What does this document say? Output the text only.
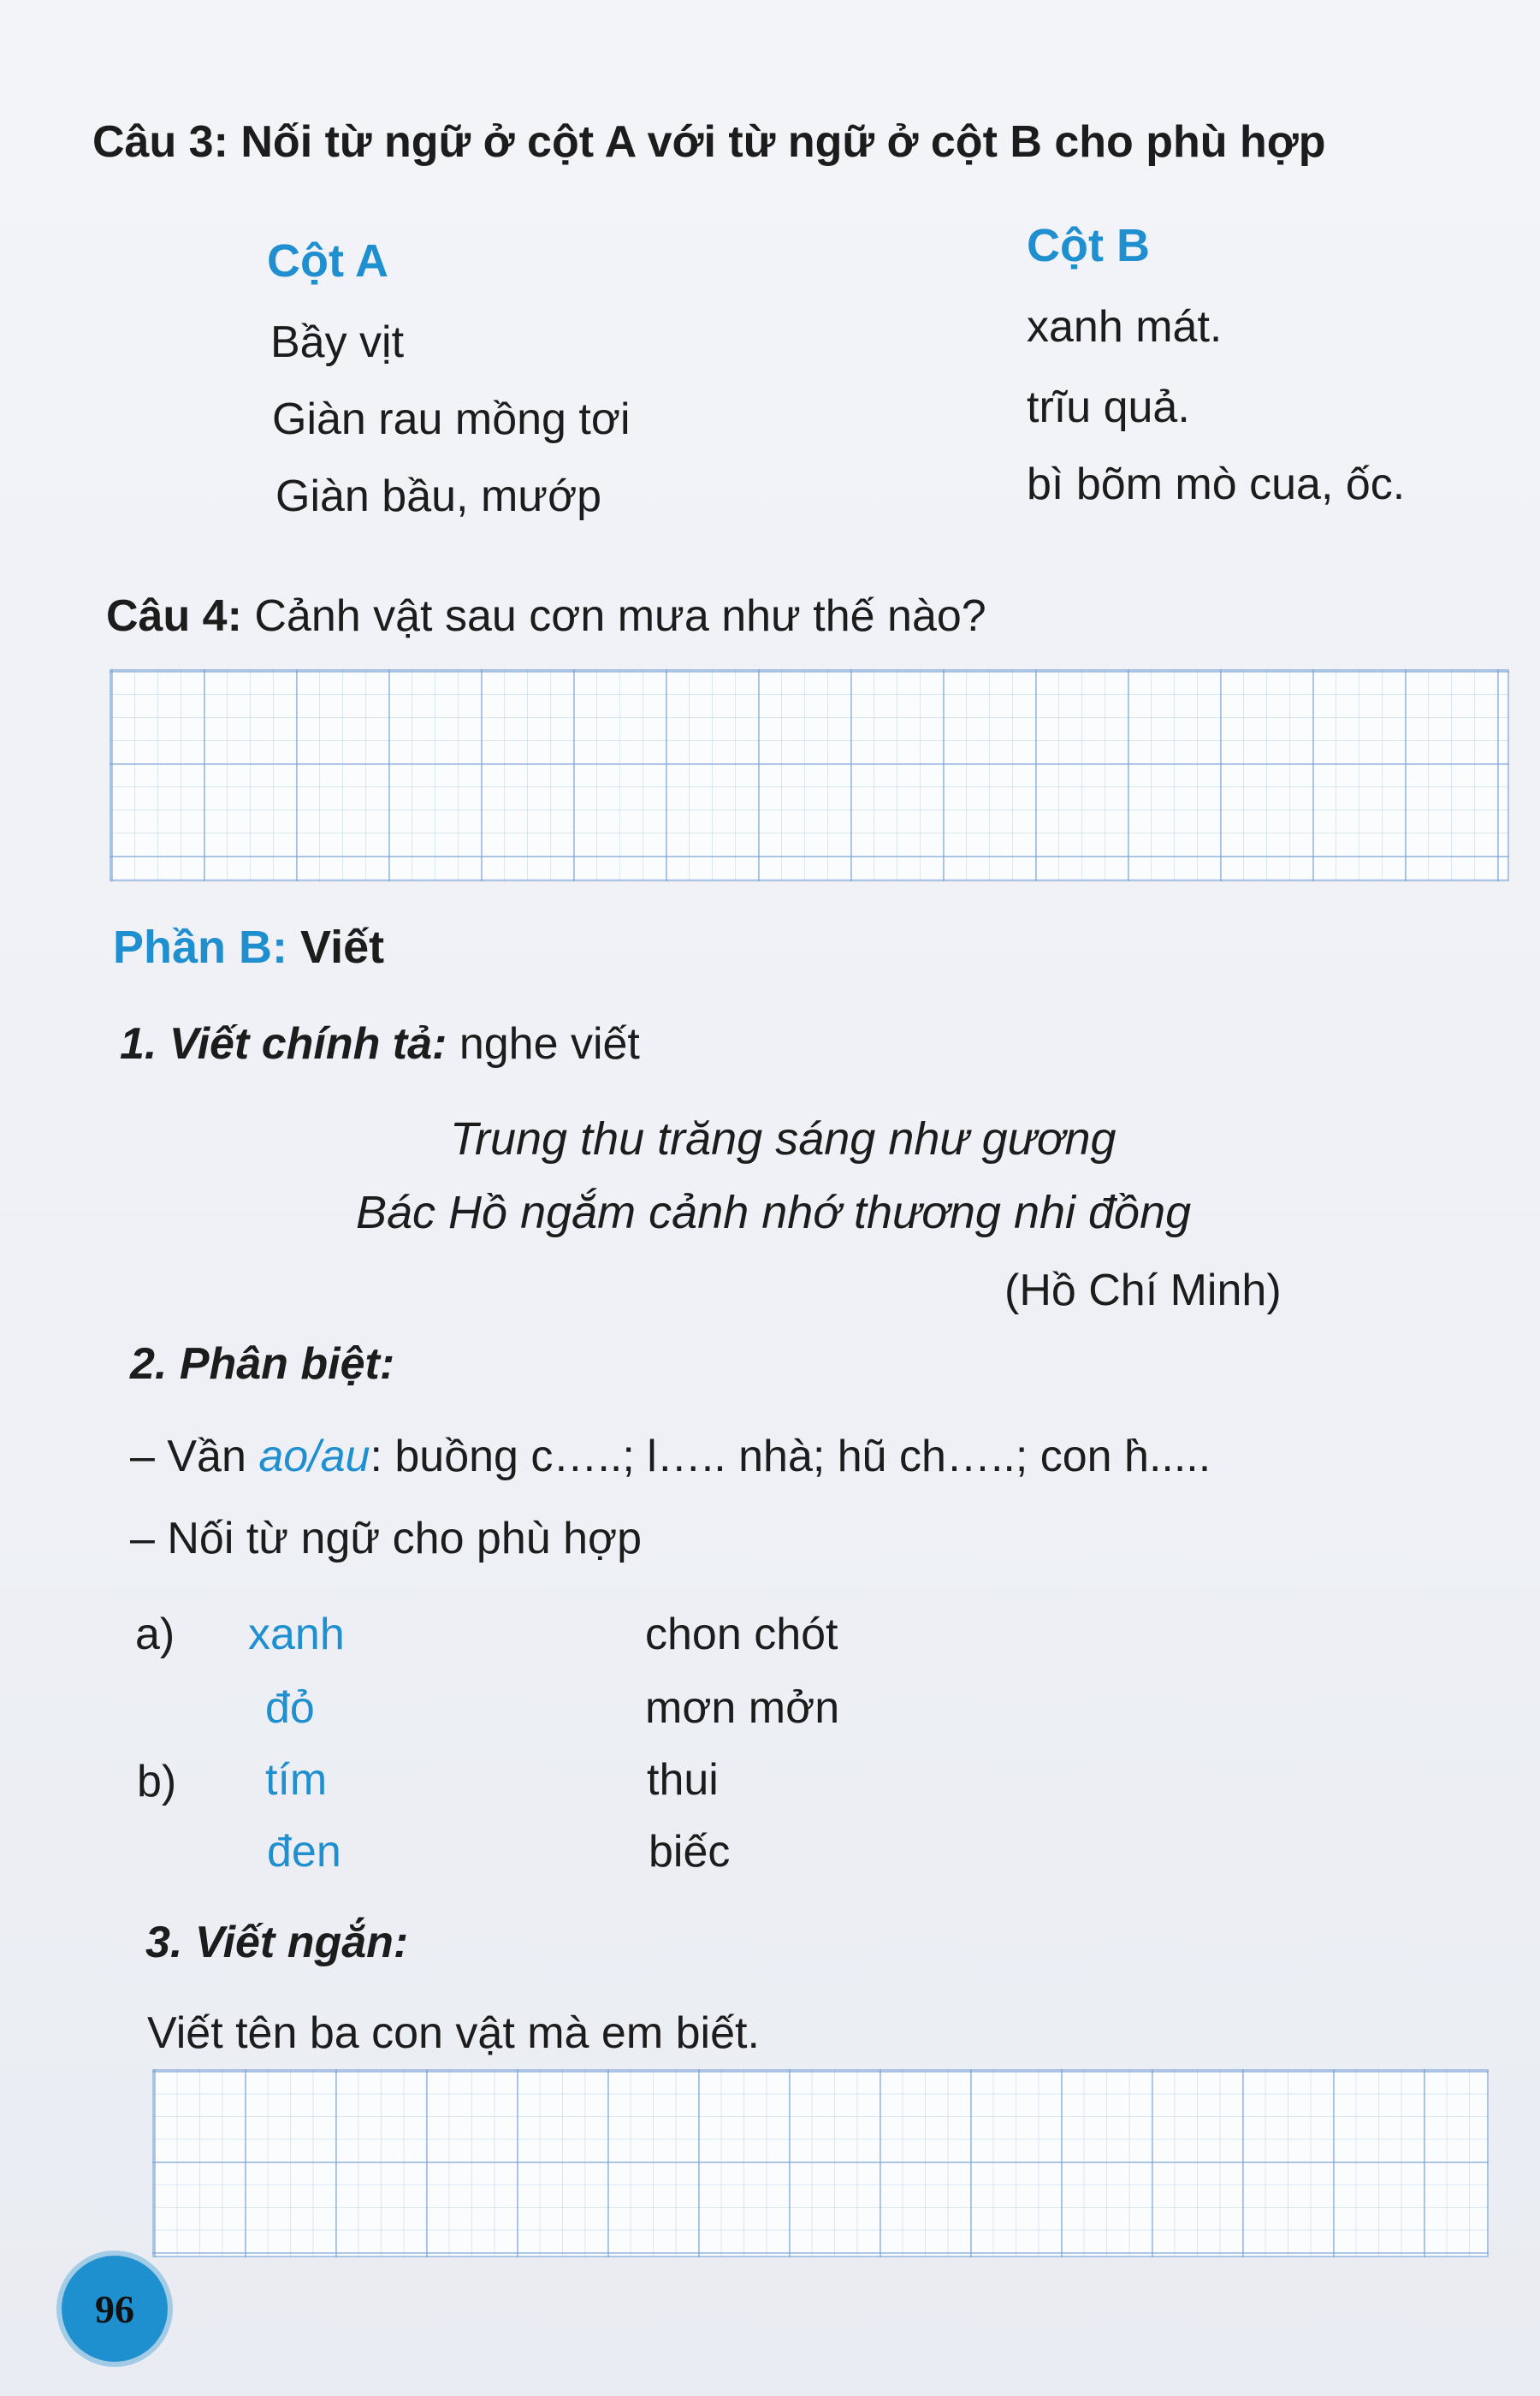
Câu 3: Nối từ ngữ ở cột A với từ ngữ ở cột B cho phù hợp
Cột A	Cột B
Bầy vịt
Giàn rau mồng tơi
Giàn bầu, mướp
xanh mát.
trĩu quả.
bì bõm mò cua, ốc.
Câu 4: Cảnh vật sau cơn mưa như thế nào?
Phần B: Viết
1. Viết chính tả: nghe viết
Trung thu trăng sáng như gương
Bác Hồ ngắm cảnh nhớ thương nhi đồng
(Hồ Chí Minh)
2. Phân biệt:
– Vần ao/au: buồng c…..; l….. nhà; hũ ch…..; con h̀.....
– Nối từ ngữ cho phù hợp
a)
b)
xanh
đỏ
tím
đen
chon chót
mơn mởn
thui
biếc
3. Viết ngắn:
Viết tên ba con vật mà em biết.
96
